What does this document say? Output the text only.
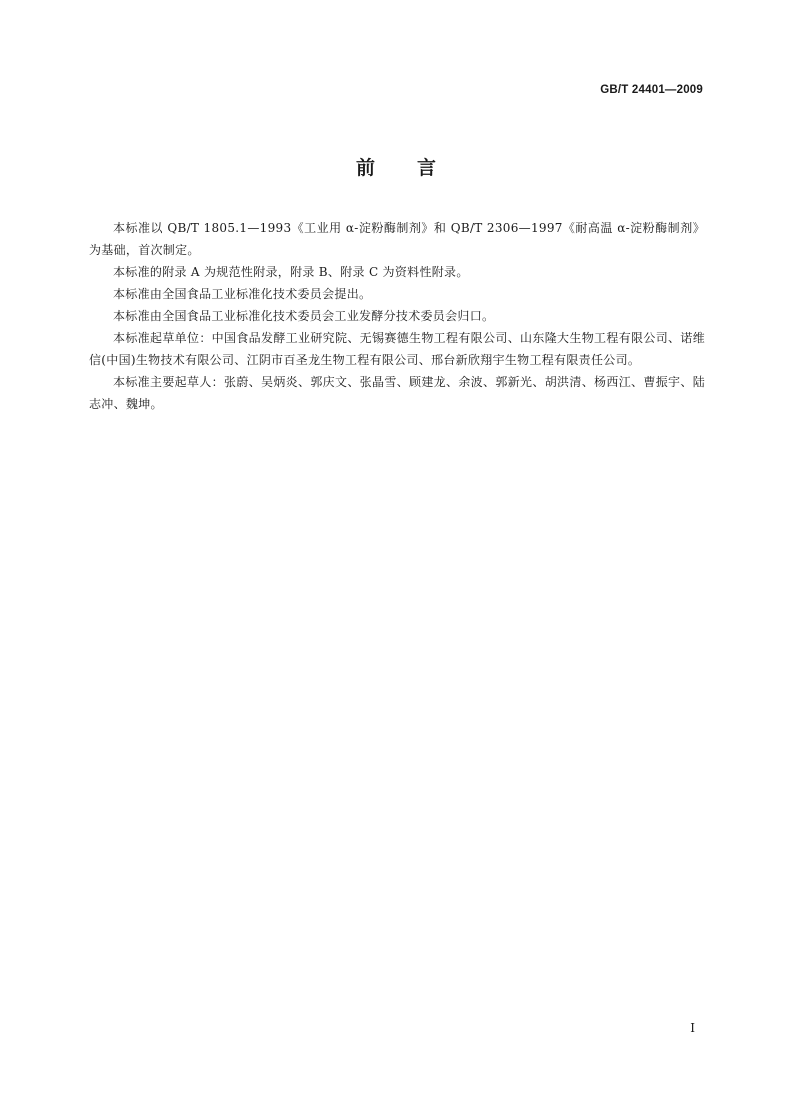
GB/T 24401—2009
前 言

本标准以 QB/T 1805.1—1993《工业用 α-淀粉酶制剂》和 QB/T 2306—1997《耐高温 α-淀粉酶制剂》为基础，首次制定。

本标准的附录 A 为规范性附录，附录 B、附录 C 为资料性附录。

本标准由全国食品工业标准化技术委员会提出。

本标准由全国食品工业标准化技术委员会工业发酵分技术委员会归口。

本标准起草单位：中国食品发酵工业研究院、无锡赛德生物工程有限公司、山东隆大生物工程有限公司、诺维信(中国)生物技术有限公司、江阴市百圣龙生物工程有限公司、邢台新欣翔宇生物工程有限责任公司。

本标准主要起草人：张蔚、吴炳炎、郭庆文、张晶雪、顾建龙、余波、郭新光、胡洪清、杨西江、曹振宇、陆志冲、魏坤。

I
